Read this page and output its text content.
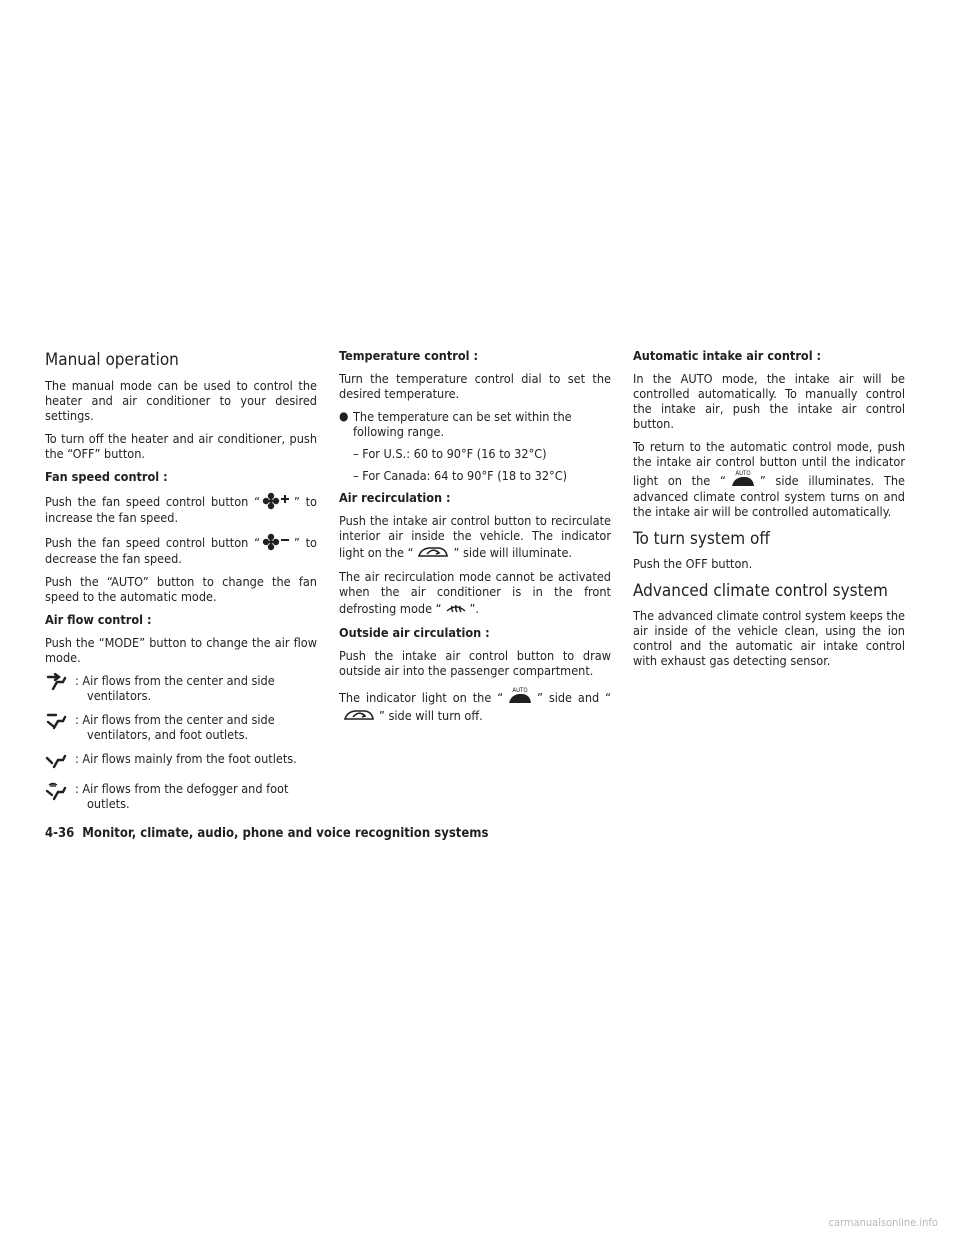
Manual operation

The manual mode can be used to control the heater and air conditioner to your desired settings.

To turn off the heater and air conditioner, push the “OFF” button.

Fan speed control :

Push the fan speed control button “	” to increase the fan speed.

Push the fan speed control button “	” to decrease the fan speed.

Push the “AUTO” button to change the fan speed to the automatic mode.

Air flow control :

Push the “MODE” button to change the air flow mode.

: Air flows from the center and side
ventilators.
: Air flows from the center and side
ventilators, and foot outlets.
: Air flows mainly from the foot outlets.
: Air flows from the defogger and foot
outlets.
Temperature control :

Turn the temperature control dial to set the desired temperature.

● The temperature can be set within the following range.
– For U.S.: 60 to 90°F (16 to 32°C)
– For Canada: 64 to 90°F (18 to 32°C)
Air recirculation :

Push the intake air control button to recirculate interior air inside the vehicle. The indicator light on the “	” side will illuminate.

The air recirculation mode cannot be activated when the air conditioner is in the front defrosting mode “ ”.

Outside air circulation :

Push the intake air control button to draw outside air into the passenger compartment.

The indicator light on the “ AUTO ” side and “
” side will turn off.

Automatic intake air control :

In the AUTO mode, the intake air will be controlled automatically. To manually control the intake air, push the intake air control button.

To return to the automatic control mode, push the intake air control button until the indicator light on the “ AUTO ” side illuminates. The advanced climate control system turns on and the intake air will be controlled automatically.

To turn system off

Push the OFF button.

Advanced climate control system

The advanced climate control system keeps the air inside of the vehicle clean, using the ion control and the automatic air intake control with exhaust gas detecting sensor.

4-36 Monitor, climate, audio, phone and voice recognition systems
carmanualsonline.info
